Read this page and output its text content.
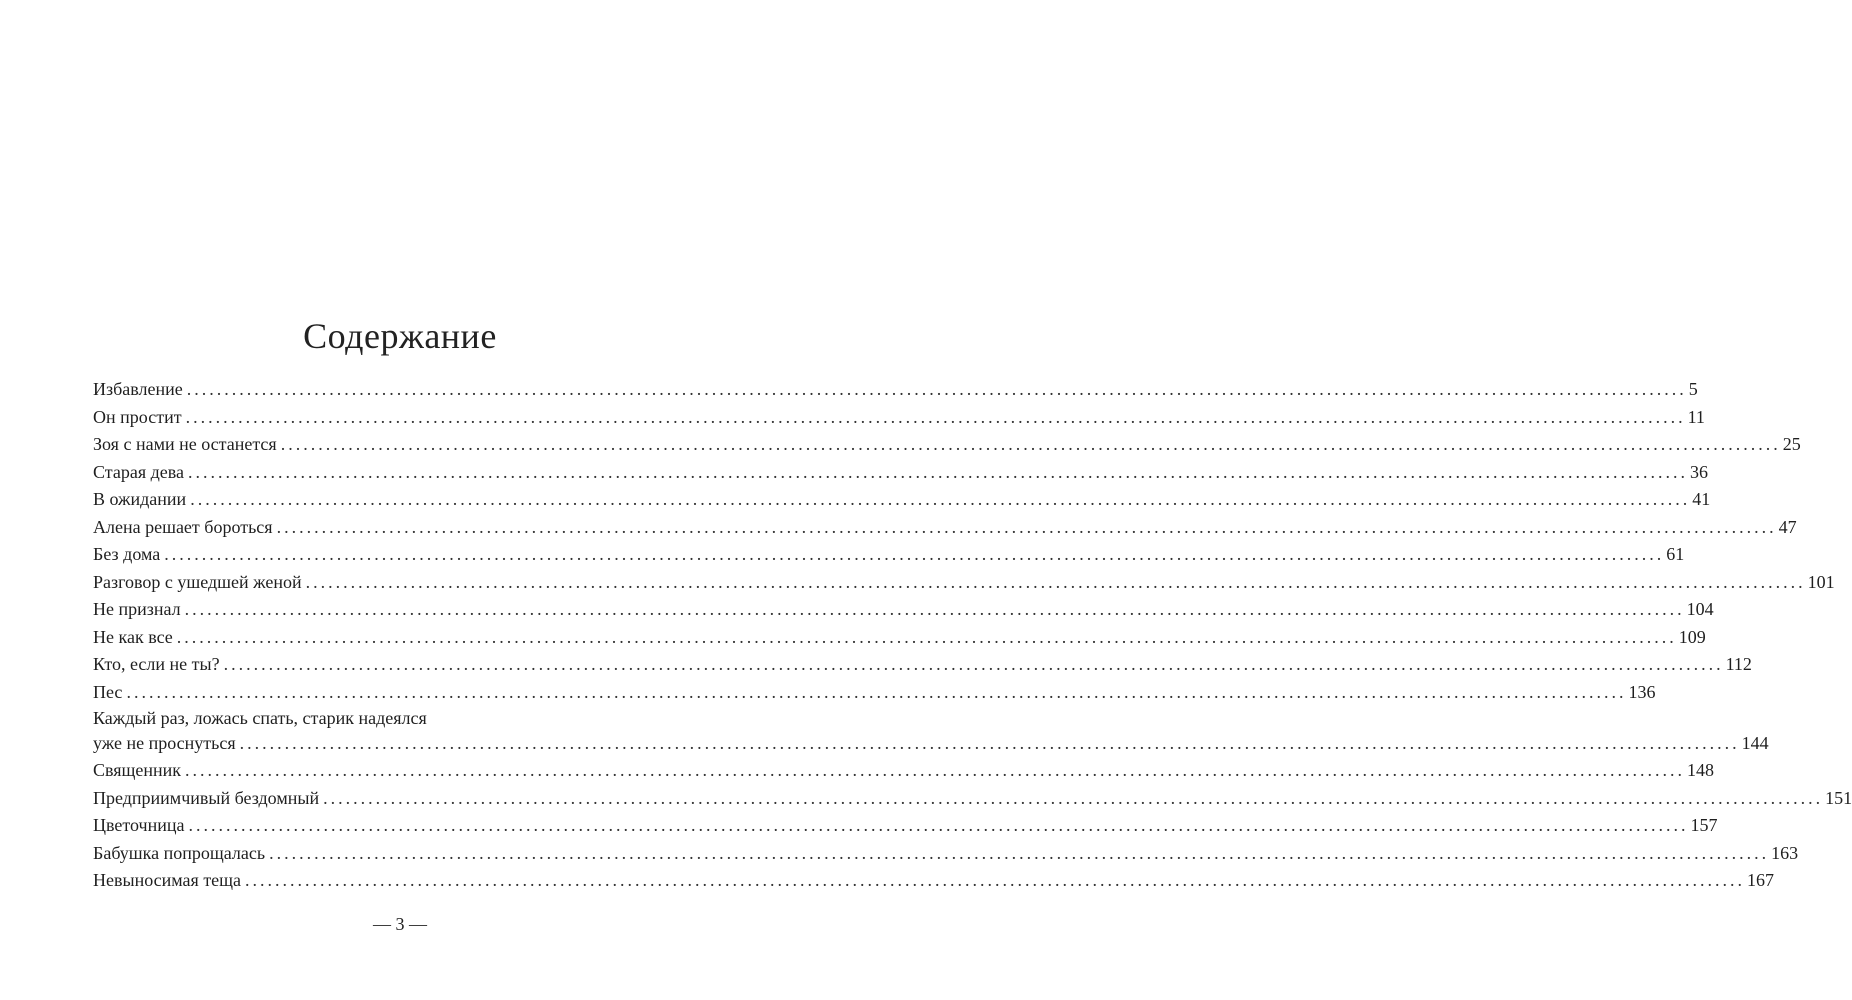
Содержание
Избавление ........................................................................................................................................................................................................ 5
Он простит ........................................................................................................................................................................................................ 11
Зоя с нами не останется ........................................................................................................................................................................................................ 25
Старая дева ........................................................................................................................................................................................................ 36
В ожидании ........................................................................................................................................................................................................ 41
Алена решает бороться ........................................................................................................................................................................................................ 47
Без дома ........................................................................................................................................................................................................ 61
Разговор с ушедшей женой ........................................................................................................................................................................................................ 101
Не признал ........................................................................................................................................................................................................ 104
Не как все ........................................................................................................................................................................................................ 109
Кто, если не ты? ........................................................................................................................................................................................................ 112
Пес ........................................................................................................................................................................................................ 136
Каждый раз, ложась спать, старик надеялся
уже не проснуться ........................................................................................................................................................................................................ 144
Священник ........................................................................................................................................................................................................ 148
Предприимчивый бездомный ........................................................................................................................................................................................................ 151
Цветочница ........................................................................................................................................................................................................ 157
Бабушка попрощалась ........................................................................................................................................................................................................ 163
Невыносимая теща ........................................................................................................................................................................................................ 167
— 3 —
